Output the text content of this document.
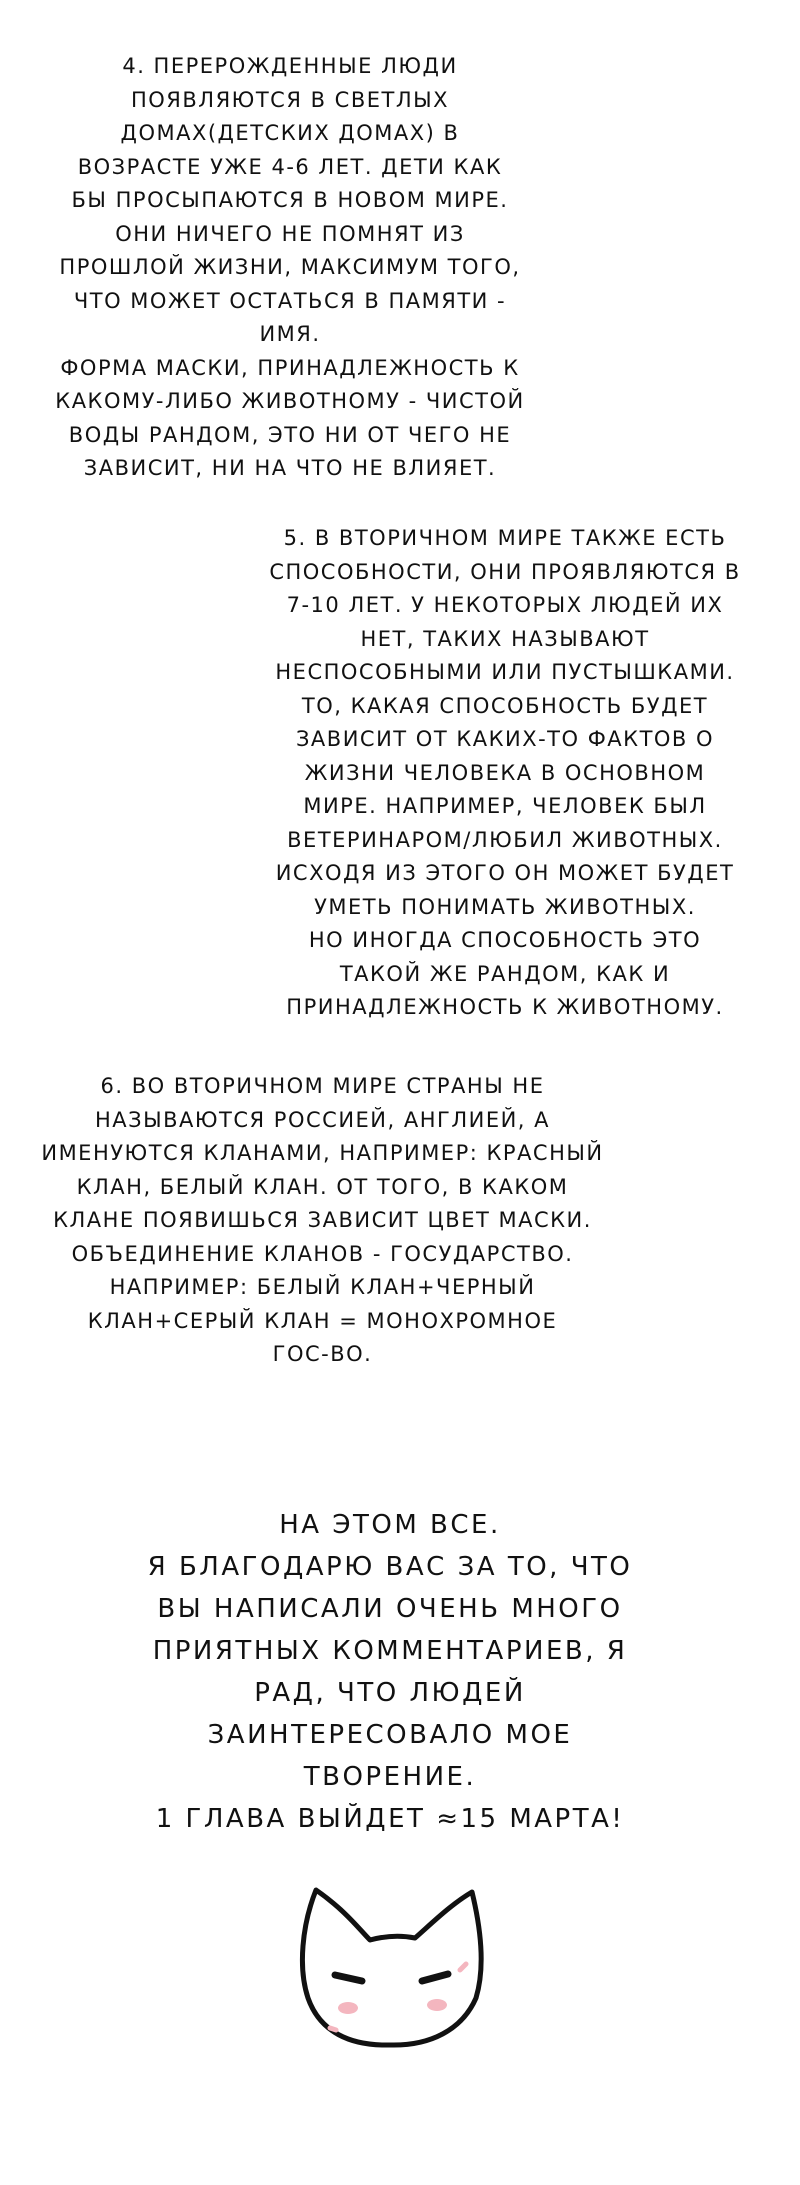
4. ПЕРЕРОЖДЕННЫЕ ЛЮДИ
ПОЯВЛЯЮТСЯ В СВЕТЛЫХ
ДОМАХ(ДЕТСКИХ ДОМАХ) В
ВОЗРАСТЕ УЖЕ 4-6 ЛЕТ. ДЕТИ КАК
БЫ ПРОСЫПАЮТСЯ В НОВОМ МИРЕ.
ОНИ НИЧЕГО НЕ ПОМНЯТ ИЗ
ПРОШЛОЙ ЖИЗНИ, МАКСИМУМ ТОГО,
ЧТО МОЖЕТ ОСТАТЬСЯ В ПАМЯТИ -
ИМЯ.
ФОРМА МАСКИ, ПРИНАДЛЕЖНОСТЬ К
КАКОМУ-ЛИБО ЖИВОТНОМУ - ЧИСТОЙ
ВОДЫ РАНДОМ, ЭТО НИ ОТ ЧЕГО НЕ
ЗАВИСИТ, НИ НА ЧТО НЕ ВЛИЯЕТ.
5. В ВТОРИЧНОМ МИРЕ ТАКЖЕ ЕСТЬ
СПОСОБНОСТИ, ОНИ ПРОЯВЛЯЮТСЯ В
7-10 ЛЕТ. У НЕКОТОРЫХ ЛЮДЕЙ ИХ
НЕТ, ТАКИХ НАЗЫВАЮТ
НЕСПОСОБНЫМИ ИЛИ ПУСТЫШКАМИ.
ТО, КАКАЯ СПОСОБНОСТЬ БУДЕТ
ЗАВИСИТ ОТ КАКИХ-ТО ФАКТОВ О
ЖИЗНИ ЧЕЛОВЕКА В ОСНОВНОМ
МИРЕ. НАПРИМЕР, ЧЕЛОВЕК БЫЛ
ВЕТЕРИНАРОМ/ЛЮБИЛ ЖИВОТНЫХ.
ИСХОДЯ ИЗ ЭТОГО ОН МОЖЕТ БУДЕТ
УМЕТЬ ПОНИМАТЬ ЖИВОТНЫХ.
НО ИНОГДА СПОСОБНОСТЬ ЭТО
ТАКОЙ ЖЕ РАНДОМ, КАК И
ПРИНАДЛЕЖНОСТЬ К ЖИВОТНОМУ.
6. ВО ВТОРИЧНОМ МИРЕ СТРАНЫ НЕ
НАЗЫВАЮТСЯ РОССИЕЙ, АНГЛИЕЙ, А
ИМЕНУЮТСЯ КЛАНАМИ, НАПРИМЕР: КРАСНЫЙ
КЛАН, БЕЛЫЙ КЛАН. ОТ ТОГО, В КАКОМ
КЛАНЕ ПОЯВИШЬСЯ ЗАВИСИТ ЦВЕТ МАСКИ.
ОБЪЕДИНЕНИЕ КЛАНОВ - ГОСУДАРСТВО.
НАПРИМЕР: БЕЛЫЙ КЛАН+ЧЕРНЫЙ
КЛАН+СЕРЫЙ КЛАН = МОНОХРОМНОЕ
ГОС-ВО.
НА ЭТОМ ВСЕ.
Я БЛАГОДАРЮ ВАС ЗА ТО, ЧТО
ВЫ НАПИСАЛИ ОЧЕНЬ МНОГО
ПРИЯТНЫХ КОММЕНТАРИЕВ, Я
РАД, ЧТО ЛЮДЕЙ
ЗАИНТЕРЕСОВАЛО МОЕ
ТВОРЕНИЕ.
1 ГЛАВА ВЫЙДЕТ ≈15 МАРТА!
